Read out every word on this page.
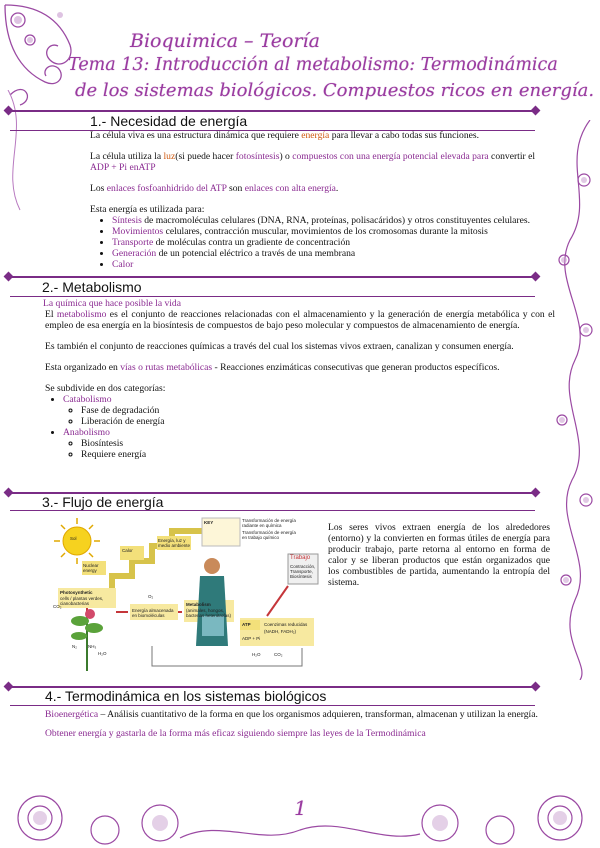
Bioquimica – Teoría
Tema 13: Introducción al metabolismo: Termodinámica
de los sistemas biológicos. Compuestos ricos en energía.
1.- Necesidad de energía

La célula viva es una estructura dinámica que requiere energía para llevar a cabo todas sus funciones.

La célula utiliza la luz(si puede hacer fotosíntesis) o compuestos con una energía potencial elevada para convertir el ADP + Pi enATP

Los enlaces fosfoanhidrido del ATP son enlaces con alta energía.

Esta energía es utilizada para:

• Síntesis de macromoléculas celulares (DNA, RNA, proteínas, polisacáridos) y otros constituyentes celulares.
• Movimientos celulares, contracción muscular, movimientos de los cromosomas durante la mitosis
• Transporte de moléculas contra un gradiente de concentración
• Generación de un potencial eléctrico a través de una membrana
• Calor
2.- Metabolismo

La química que hace posible la vida

El metabolismo es el conjunto de reacciones relacionadas con el almacenamiento y la generación de energía metabólica y con el empleo de esa energía en la biosíntesis de compuestos de bajo peso molecular y compuestos de almacenamiento de energía.

Es también el conjunto de reacciones químicas a través del cual los sistemas vivos extraen, canalizan y consumen energía.

Esta organizado en vías o rutas metabólicas - Reacciones enzimáticas consecutivas que generan productos específicos.

Se subdivide en dos categorías:

• Catabolismo
◦ Fase de degradación
◦ Liberación de energía
• Anabolismo
◦ Biosíntesis
◦ Requiere energía
3.- Flujo de energía
Sol
Calor
Energía, luz y medio ambiente
Nuclear energy
Photosynthetic
cells / plantas verdes, cianobacterias
CO₂
O₂
Energía almacenada en biomoléculas
Metabolism
(animales, hongos, bacterias heterótrofas)
N₂ NH₃
H₂O
KEY	Transformación de energía radiante en química
Transformación de energía en trabajo químico
Trabajo
Contracción, Transporte, Biosíntesis
ATP
ADP + Pi
Coenzimas reducidas
(NADH, FADH₂)
H₂O	CO₂

Los seres vivos extraen energía de los alrededores (entorno) y la convierten en formas útiles de energía para producir trabajo, parte retorna al entorno en forma de calor y se liberan productos que están organizados que los combustibles de partida, aumentando la entropía del sistema.

4.- Termodinámica en los sistemas biológicos

Bioenergética – Análisis cuantitativo de la forma en que los organismos adquieren, transforman, almacenan y utilizan la energía.

Obtener energía y gastarla de la forma más eficaz siguiendo siempre las leyes de la Termodinámica

1
